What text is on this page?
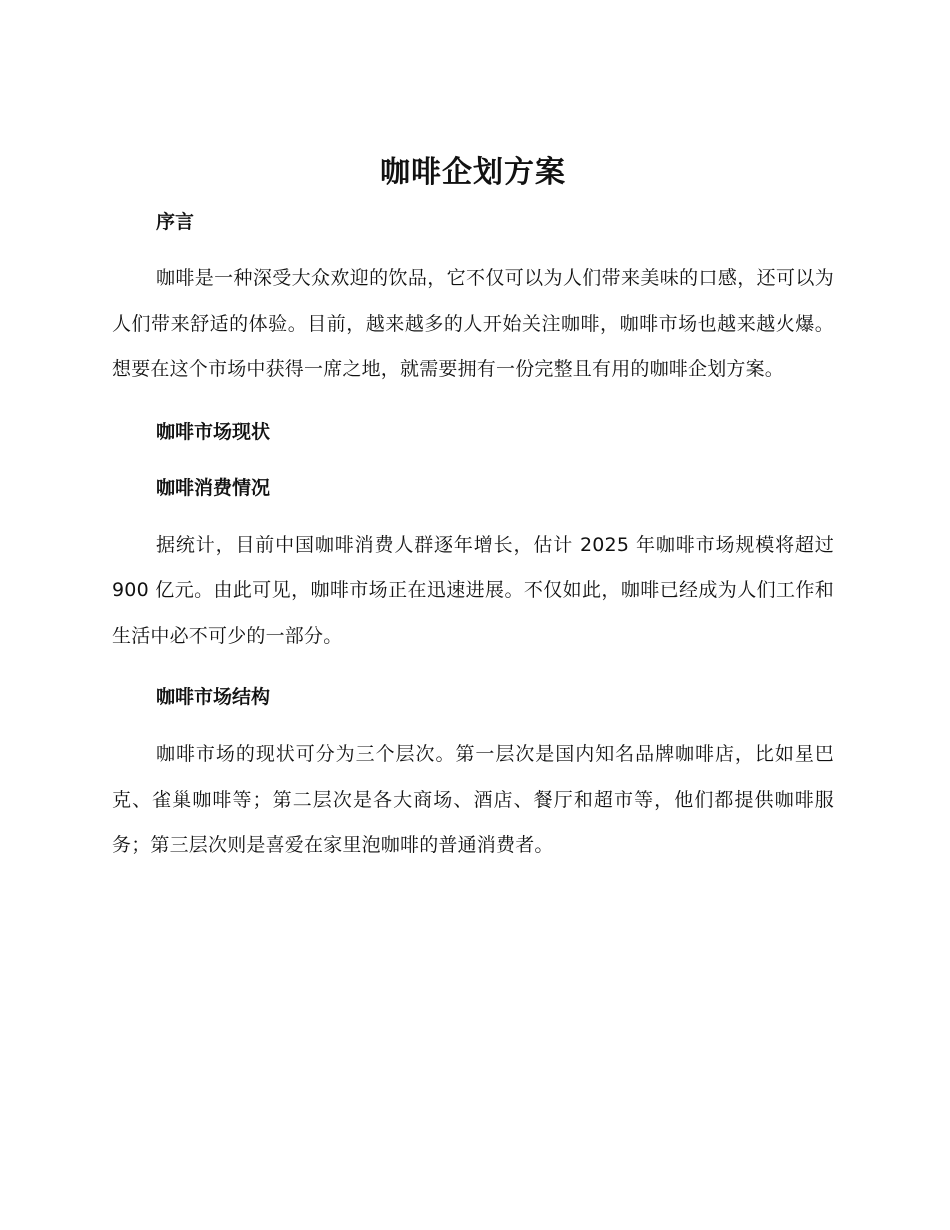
咖啡企划方案
序言

咖啡是一种深受大众欢迎的饮品，它不仅可以为人们带来美味的口感，还可以为人们带来舒适的体验。目前，越来越多的人开始关注咖啡，咖啡市场也越来越火爆。想要在这个市场中获得一席之地，就需要拥有一份完整且有用的咖啡企划方案。

咖啡市场现状
咖啡消费情况

据统计，目前中国咖啡消费人群逐年增长，估计 2025 年咖啡市场规模将超过 900 亿元。由此可见，咖啡市场正在迅速进展。不仅如此，咖啡已经成为人们工作和生活中必不可少的一部分。

咖啡市场结构

咖啡市场的现状可分为三个层次。第一层次是国内知名品牌咖啡店，比如星巴克、雀巢咖啡等；第二层次是各大商场、酒店、餐厅和超市等，他们都提供咖啡服务；第三层次则是喜爱在家里泡咖啡的普通消费者。
